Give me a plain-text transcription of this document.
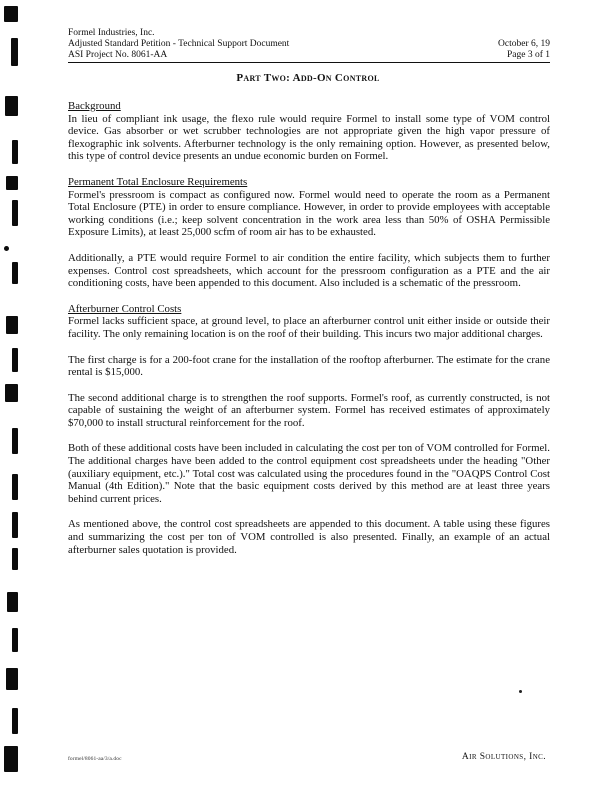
Formel Industries, Inc.
Adjusted Standard Petition - Technical Support Document
ASI Project No. 8061-AA

October 6, 19
Page 3 of 1
Part Two: Add-On Control
Background

In lieu of compliant ink usage, the flexo rule would require Formel to install some type of VOM control device. Gas absorber or wet scrubber technologies are not appropriate given the high vapor pressure of flexographic ink solvents. Afterburner technology is the only remaining option. However, as presented below, this type of control device presents an undue economic burden on Formel.

Permanent Total Enclosure Requirements

Formel's pressroom is compact as configured now. Formel would need to operate the room as a Permanent Total Enclosure (PTE) in order to ensure compliance. However, in order to provide employees with acceptable working conditions (i.e.; keep solvent concentration in the work area less than 50% of OSHA Permissible Exposure Limits), at least 25,000 scfm of room air has to be exhausted.

Additionally, a PTE would require Formel to air condition the entire facility, which subjects them to further expenses. Control cost spreadsheets, which account for the pressroom configuration as a PTE and the air conditioning costs, have been appended to this document. Also included is a schematic of the pressroom.

Afterburner Control Costs

Formel lacks sufficient space, at ground level, to place an afterburner control unit either inside or outside their facility. The only remaining location is on the roof of their building. This incurs two major additional charges.

The first charge is for a 200-foot crane for the installation of the rooftop afterburner. The estimate for the crane rental is $15,000.

The second additional charge is to strengthen the roof supports. Formel's roof, as currently constructed, is not capable of sustaining the weight of an afterburner system. Formel has received estimates of approximately $70,000 to install structural reinforcement for the roof.

Both of these additional costs have been included in calculating the cost per ton of VOM controlled for Formel. The additional charges have been added to the control equipment cost spreadsheets under the heading "Other (auxiliary equipment, etc.)." Total cost was calculated using the procedures found in the "OAQPS Control Cost Manual (4th Edition)." Note that the basic equipment costs derived by this method are at least three years behind current prices.

As mentioned above, the control cost spreadsheets are appended to this document. A table using these figures and summarizing the cost per ton of VOM controlled is also presented. Finally, an example of an actual afterburner sales quotation is provided.

formel/8061-aa/3/a.doc	Air Solutions, Inc.
